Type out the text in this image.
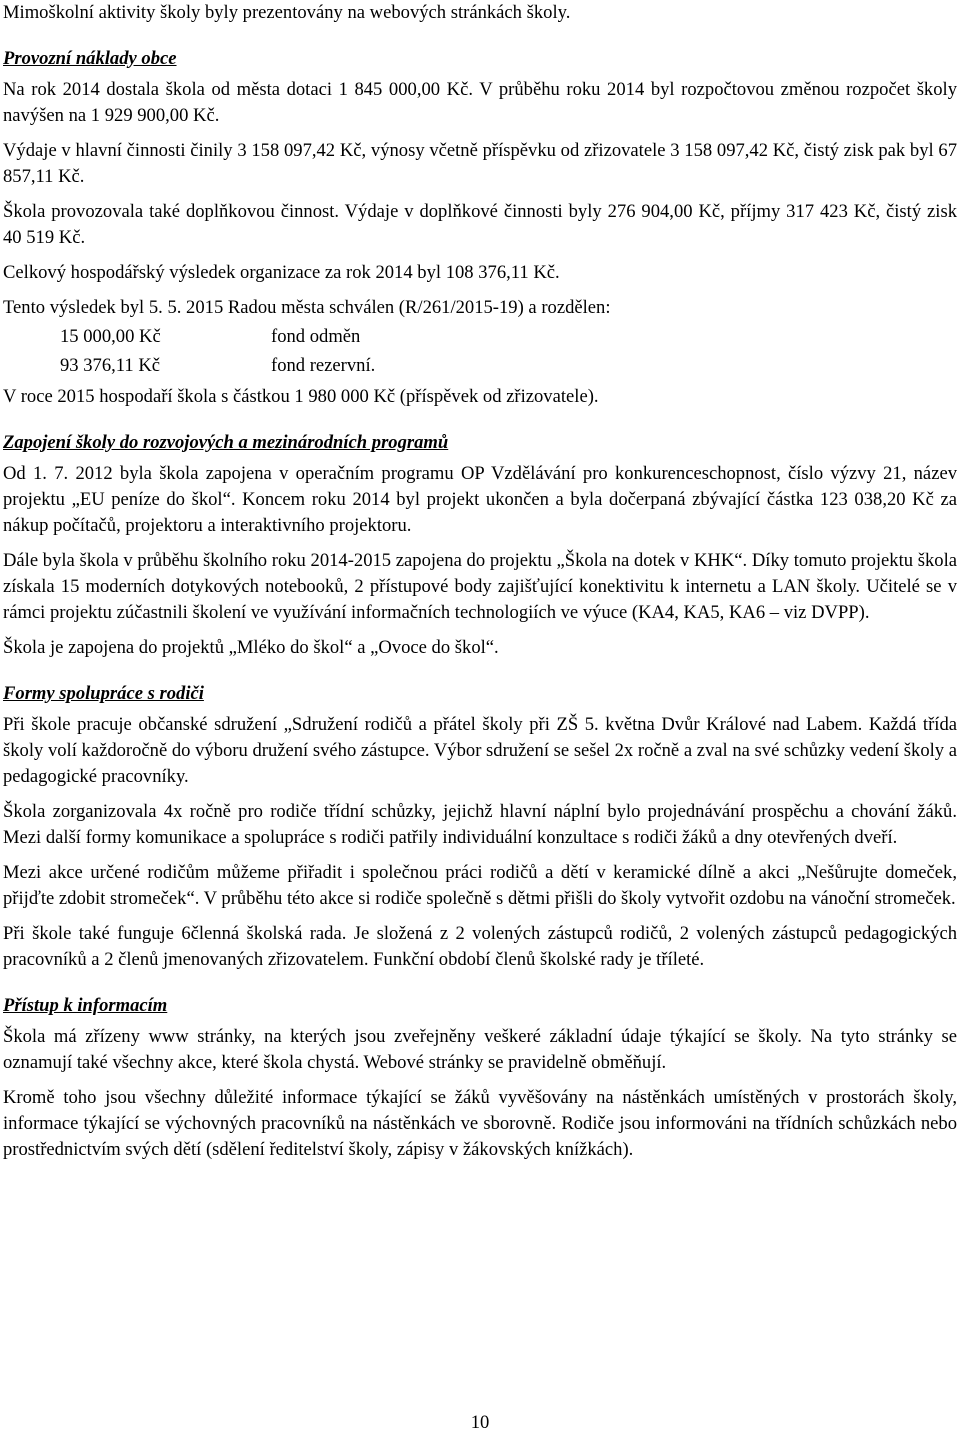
Mimoškolní aktivity školy byly prezentovány na webových stránkách školy.

Provozní náklady obce

Na rok 2014 dostala škola od města dotaci 1 845 000,00 Kč. V průběhu roku 2014 byl rozpočtovou změnou rozpočet školy navýšen na 1 929 900,00 Kč.

Výdaje v hlavní činnosti činily 3 158 097,42 Kč, výnosy včetně příspěvku od zřizovatele 3 158 097,42 Kč, čistý zisk pak byl 67 857,11 Kč.

Škola provozovala také doplňkovou činnost. Výdaje v doplňkové činnosti byly 276 904,00 Kč, příjmy 317 423 Kč, čistý zisk 40 519 Kč.

Celkový hospodářský výsledek organizace za rok 2014 byl 108 376,11 Kč.

Tento výsledek byl 5. 5. 2015 Radou města schválen (R/261/2015-19) a rozdělen:

15 000,00 Kč	fond odměn
93 376,11 Kč	fond rezervní.

V roce 2015 hospodaří škola s částkou 1 980 000 Kč (příspěvek od zřizovatele).

Zapojení školy do rozvojových a mezinárodních programů

Od 1. 7. 2012 byla škola zapojena v operačním programu OP Vzdělávání pro konkurenceschopnost, číslo výzvy 21, název projektu „EU peníze do škol“. Koncem roku 2014 byl projekt ukončen a byla dočerpaná zbývající částka 123 038,20 Kč za nákup počítačů, projektoru a interaktivního projektoru.

Dále byla škola v průběhu školního roku 2014-2015 zapojena do projektu „Škola na dotek v KHK“. Díky tomuto projektu škola získala 15 moderních dotykových notebooků, 2 přístupové body zajišťující konektivitu k internetu a LAN školy. Učitelé se v rámci projektu zúčastnili školení ve využívání informačních technologiích ve výuce (KA4, KA5, KA6 – viz DVPP).

Škola je zapojena do projektů „Mléko do škol“ a „Ovoce do škol“.

Formy spolupráce s rodiči

Při škole pracuje občanské sdružení „Sdružení rodičů a přátel školy při ZŠ 5. května Dvůr Králové nad Labem. Každá třída školy volí každoročně do výboru družení svého zástupce. Výbor sdružení se sešel 2x ročně a zval na své schůzky vedení školy a pedagogické pracovníky.

Škola zorganizovala 4x ročně pro rodiče třídní schůzky, jejichž hlavní náplní bylo projednávání prospěchu a chování žáků. Mezi další formy komunikace a spolupráce s rodiči patřily individuální konzultace s rodiči žáků a dny otevřených dveří.

Mezi akce určené rodičům můžeme přiřadit i společnou práci rodičů a dětí v keramické dílně a akci „Nešůrujte domeček, přijďte zdobit stromeček“. V průběhu této akce si rodiče společně s dětmi přišli do školy vytvořit ozdobu na vánoční stromeček.

Při škole také funguje 6členná školská rada. Je složená z 2 volených zástupců rodičů, 2 volených zástupců pedagogických pracovníků a 2 členů jmenovaných zřizovatelem. Funkční období členů školské rady je tříleté.

Přístup k informacím

Škola má zřízeny www stránky, na kterých jsou zveřejněny veškeré základní údaje týkající se školy. Na tyto stránky se oznamují také všechny akce, které škola chystá. Webové stránky se pravidelně obměňují.

Kromě toho jsou všechny důležité informace týkající se žáků vyvěšovány na nástěnkách umístěných v prostorách školy, informace týkající se výchovných pracovníků na nástěnkách ve sborovně. Rodiče jsou informováni na třídních schůzkách nebo prostřednictvím svých dětí (sdělení ředitelství školy, zápisy v žákovských knížkách).

10
